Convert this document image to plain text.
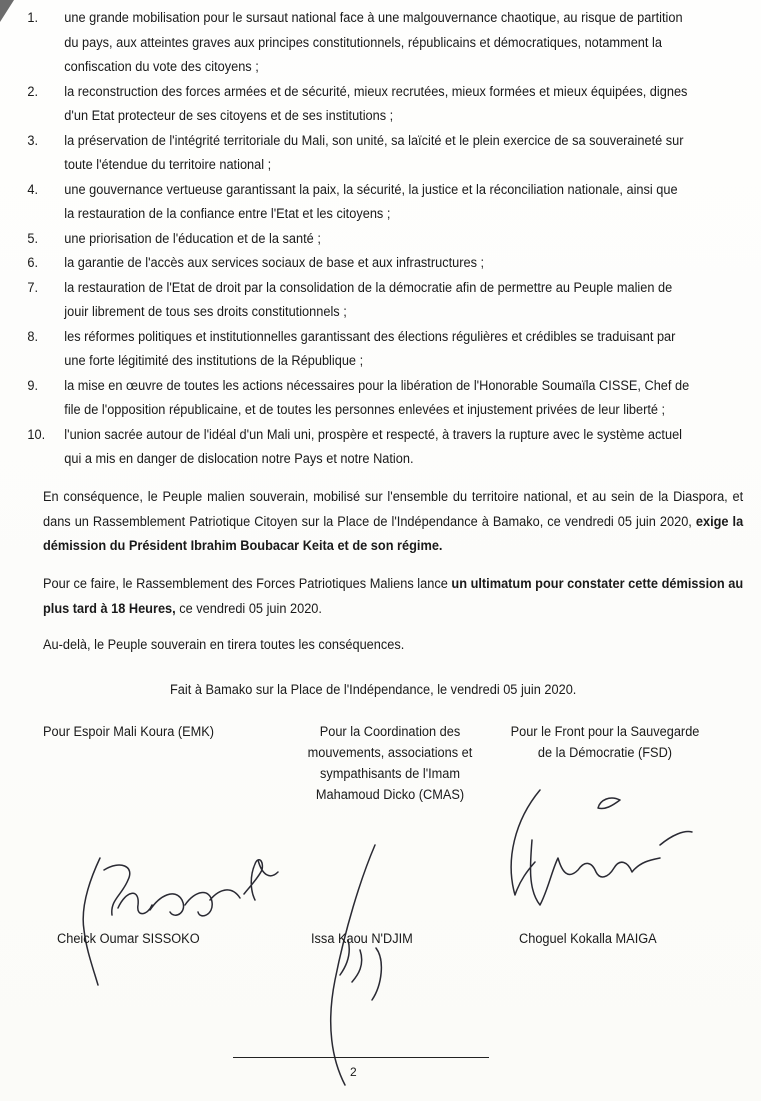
1. une grande mobilisation pour le sursaut national face à une malgouvernance chaotique, au risque de partition
du pays, aux atteintes graves aux principes constitutionnels, républicains et démocratiques, notamment la
confiscation du vote des citoyens ;
2. la reconstruction des forces armées et de sécurité, mieux recrutées, mieux formées et mieux équipées, dignes
d'un Etat protecteur de ses citoyens et de ses institutions ;
3. la préservation de l'intégrité territoriale du Mali, son unité, sa laïcité et le plein exercice de sa souveraineté sur
toute l'étendue du territoire national ;
4. une gouvernance vertueuse garantissant la paix, la sécurité, la justice et la réconciliation nationale, ainsi que
la restauration de la confiance entre l'Etat et les citoyens ;
5. une priorisation de l'éducation et de la santé ;
6. la garantie de l'accès aux services sociaux de base et aux infrastructures ;
7. la restauration de l'Etat de droit par la consolidation de la démocratie afin de permettre au Peuple malien de
jouir librement de tous ses droits constitutionnels ;
8. les réformes politiques et institutionnelles garantissant des élections régulières et crédibles se traduisant par
une forte légitimité des institutions de la République ;
9. la mise en œuvre de toutes les actions nécessaires pour la libération de l'Honorable Soumaïla CISSE, Chef de
file de l'opposition républicaine, et de toutes les personnes enlevées et injustement privées de leur liberté ;
10. l'union sacrée autour de l'idéal d'un Mali uni, prospère et respecté, à travers la rupture avec le système actuel
qui a mis en danger de dislocation notre Pays et notre Nation.

En conséquence, le Peuple malien souverain, mobilisé sur l'ensemble du territoire national, et au sein de la Diaspora, et dans un Rassemblement Patriotique Citoyen sur la Place de l'Indépendance à Bamako, ce vendredi 05 juin 2020, exige la démission du Président Ibrahim Boubacar Keita et de son régime.

Pour ce faire, le Rassemblement des Forces Patriotiques Maliens lance un ultimatum pour constater cette démission au plus tard à 18 Heures, ce vendredi 05 juin 2020.

Au-delà, le Peuple souverain en tirera toutes les conséquences.

Fait à Bamako sur la Place de l'Indépendance, le vendredi 05 juin 2020.
Pour Espoir Mali Koura (EMK)	Pour la Coordination des
mouvements, associations et
sympathisants de l'Imam
Mahamoud Dicko (CMAS)
Pour le Front pour la Sauvegarde
de la Démocratie (FSD)
Cheick Oumar SISSOKO	Issa Kaou N'DJIM	Choguel Kokalla MAIGA
2
